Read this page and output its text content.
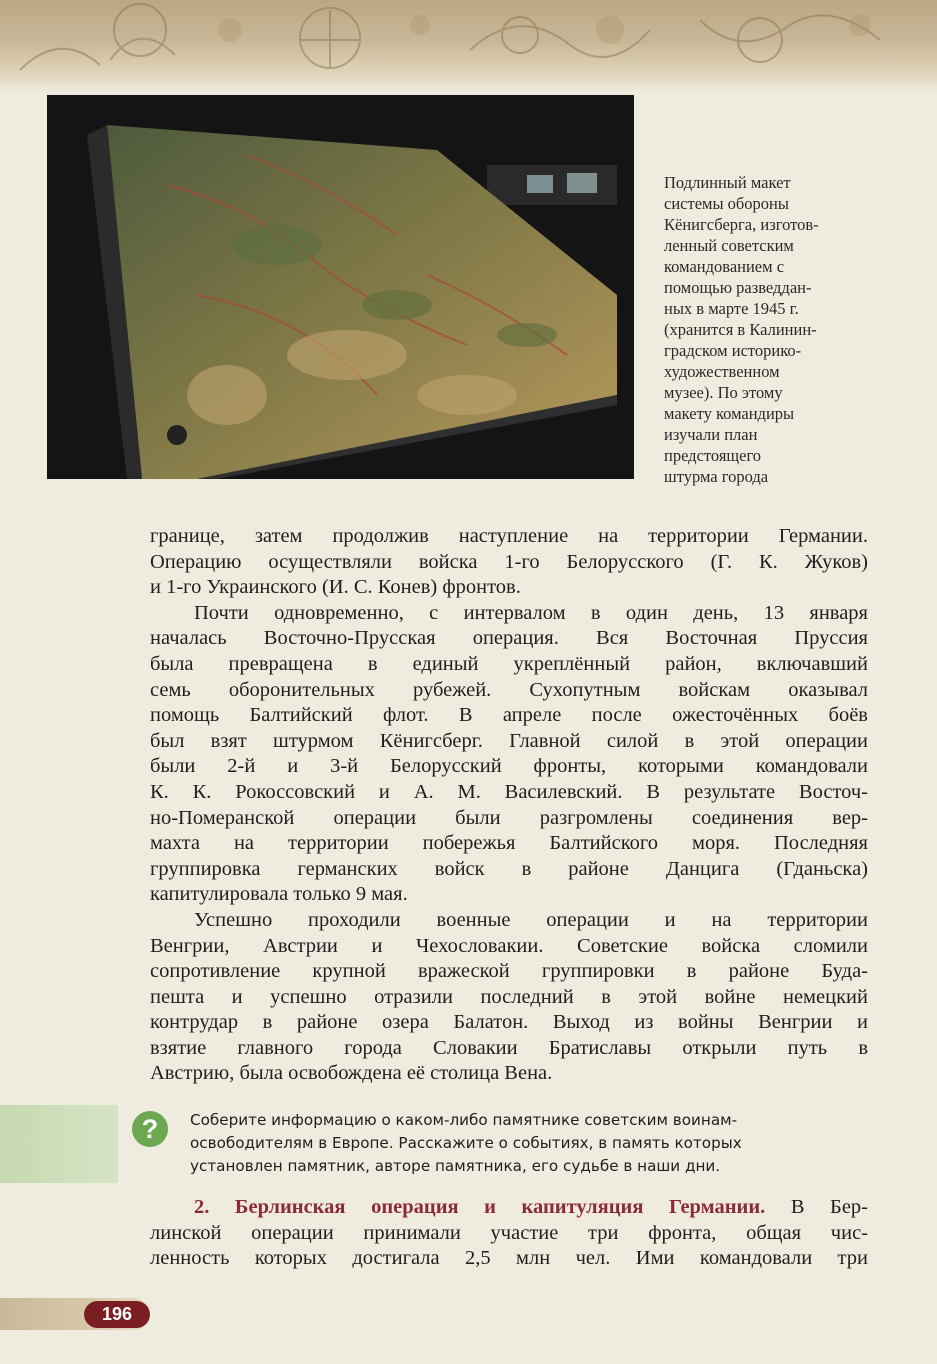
Подлинный макет
системы обороны
Кёнигсберга, изготов-
ленный советским
командованием с
помощью разведдан-
ных в марте 1945 г.
(хранится в Калинин-
градском историко-
художественном
музее). По этому
макету командиры
изучали план
предстоящего
штурма города

границе, затем продолжив наступление на территории Германии.
Операцию осуществляли войска 1-го Белорусского (Г. К. Жуков)
и 1-го Украинского (И. С. Конев) фронтов.
Почти одновременно, с интервалом в один день, 13 января
началась Восточно-Прусская операция. Вся Восточная Пруссия
была превращена в единый укреплённый район, включавший
семь оборонительных рубежей. Сухопутным войскам оказывал
помощь Балтийский флот. В апреле после ожесточённых боёв
был взят штурмом Кёнигсберг. Главной силой в этой операции
были 2-й и 3-й Белорусский фронты, которыми командовали
К. К. Рокоссовский и А. М. Василевский. В результате Восточ-
но-Померанской операции были разгромлены соединения вер-
махта на территории побережья Балтийского моря. Последняя
группировка германских войск в районе Данцига (Гданьска)
капитулировала только 9 мая.
Успешно проходили военные операции и на территории
Венгрии, Австрии и Чехословакии. Советские войска сломили
сопротивление крупной вражеской группировки в районе Буда-
пешта и успешно отразили последний в этой войне немецкий
контрудар в районе озера Балатон. Выход из войны Венгрии и
взятие главного города Словакии Братиславы открыли путь в
Австрию, была освобождена её столица Вена.
?	Соберите информацию о каком-либо памятнике советским воинам-
освободителям в Европе. Расскажите о событиях, в память которых
установлен памятник, авторе памятника, его судьбе в наши дни.

2. Берлинская операция и капитуляция Германии. В Бер-
линской операции принимали участие три фронта, общая чис-
ленность которых достигала 2,5 млн чел. Ими командовали три
196
